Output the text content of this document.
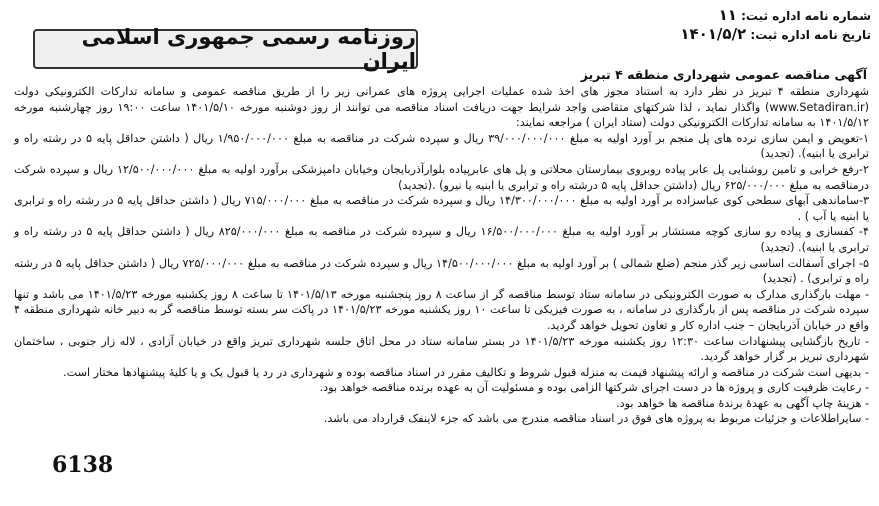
شماره نامه اداره ثبت: ۱۱
تاریخ نامه اداره ثبت: ۱۴۰۱/۵/۲
روزنامه رسمی جمهوری اسلامی ایران
آگهی مناقصه عمومی شهرداری منطقه ۴ تبریز

شهرداری منطقه ۴ تبریز در نظر دارد به استناد مجوز های اخذ شده عملیات اجرایی پروژه های عمرانی زیر را از طریق مناقصه عمومی و سامانه تدارکات الکترونیکی دولت (www.Setadiran.ir) واگذار نماید ، لذا شرکتهای متقاضی واجد شرایط جهت دریافت اسناد مناقصه می توانند از روز دوشنبه مورخه ۱۴۰۱/۵/۱۰ ساعت ۱۹:۰۰ روز چهارشنبه مورخه ۱۴۰۱/۵/۱۲ به سامانه تدارکات الکترونیکی دولت (ستاد ایران ) مراجعه نمایند:

۱-تعویض و ایمن سازی نرده های پل منجم بر آورد اولیه به مبلغ ۳۹/۰۰۰/۰۰۰/۰۰۰ ریال و سپرده شرکت در مناقصه به مبلغ ۱/۹۵۰/۰۰۰/۰۰۰ ریال ( داشتن حداقل پایه ۵ در رشته راه و ترابری یا ابنیه). (تجدید)

۲-رفع خرابی و تامین روشنایی پل عابر پیاده روبروی بیمارستان محلاتی و پل های عابرپیاده بلوارآذربایجان وخیابان دامپزشکی برآورد اولیه به مبلغ ۱۲/۵۰۰/۰۰۰/۰۰۰ ریال و سپرده شرکت درمناقصه به مبلغ ۶۲۵/۰۰۰/۰۰۰ ریال (داشتن حداقل پایه ۵ درشته راه و ترابری یا ابنیه یا نیرو) .(تجدید)

۳-ساماندهی آبهای سطحی کوی عباسزاده بر آورد اولیه به مبلغ ۱۴/۳۰۰/۰۰۰/۰۰۰ ریال و سپرده شرکت در مناقصه به مبلغ ۷۱۵/۰۰۰/۰۰۰ ریال ( داشتن حداقل پایه ۵ در رشته راه و ترابری یا ابنیه یا آب ) .

۴- کفسازی و پیاده رو سازی کوچه مستشار بر آورد اولیه به مبلغ ۱۶/۵۰۰/۰۰۰/۰۰۰ ریال و سپرده شرکت در مناقصه به مبلغ ۸۲۵/۰۰۰/۰۰۰ ریال ( داشتن حداقل پایه ۵ در رشته راه و ترابری یا ابنیه). (تجدید)

۵- اجرای آسفالت اساسی زیر گذر منجم (ضلع شمالی ) بر آورد اولیه به مبلغ ۱۴/۵۰۰/۰۰۰/۰۰۰ ریال و سپرده شرکت در مناقصه به مبلغ ۷۲۵/۰۰۰/۰۰۰ ریال ( داشتن حداقل پایه ۵ در رشته راه و ترابری) . (تجدید)

- مهلت بارگذاری مدارک به صورت الکترونیکی در سامانه ستاد توسط مناقصه گر از ساعت ۸ روز پنجشنبه مورخه ۱۴۰۱/۵/۱۳ تا ساعت ۸ روز یکشنبه مورخه ۱۴۰۱/۵/۲۳ می باشد و تنها سپرده شرکت در مناقصه پس از بارگذاری در سامانه ، به صورت فیزیکی تا ساعت ۱۰ روز یکشنبه مورخه ۱۴۰۱/۵/۲۳ در پاکت سر بسته توسط مناقصه گر به دبیر خانه شهرداری منطقه ۴ واقع در خیابان آذربایجان – جنب اداره کار و تعاون تحویل خواهد گردید.

- تاریخ بازگشایی پیشنهادات ساعت ۱۲:۳۰ روز یکشنبه مورخه ۱۴۰۱/۵/۲۳ در بستر سامانه ستاد در محل اتاق جلسه شهرداری تبریز واقع در خیابان آزادی ، لاله زار جنوبی ، ساختمان شهرداری تبریز بر گزار خواهد گردید.

- بدیهی است شرکت در مناقصه و ارائه پیشنهاد قیمت به منزله قبول شروط و تکالیف مقرر در اسناد مناقصه بوده و شهرداری در رد یا قبول یک و یا کلیهٔ پیشنهادها مختار است.

- رعایت ظرفیت کاری و پروژه ها در دست اجرای شرکتها الزامی بوده و مسئولیت آن به عهده برنده مناقصه خواهد بود.

- هزینهٔ چاپ آگهی به عهدهٔ برندهٔ مناقصه ها خواهد بود.

- سایراطلاعات و جزئیات مربوط به پروژه های فوق در اسناد مناقصه مندرج می باشد که جزء لاینفک قرارداد می باشد.

6138
